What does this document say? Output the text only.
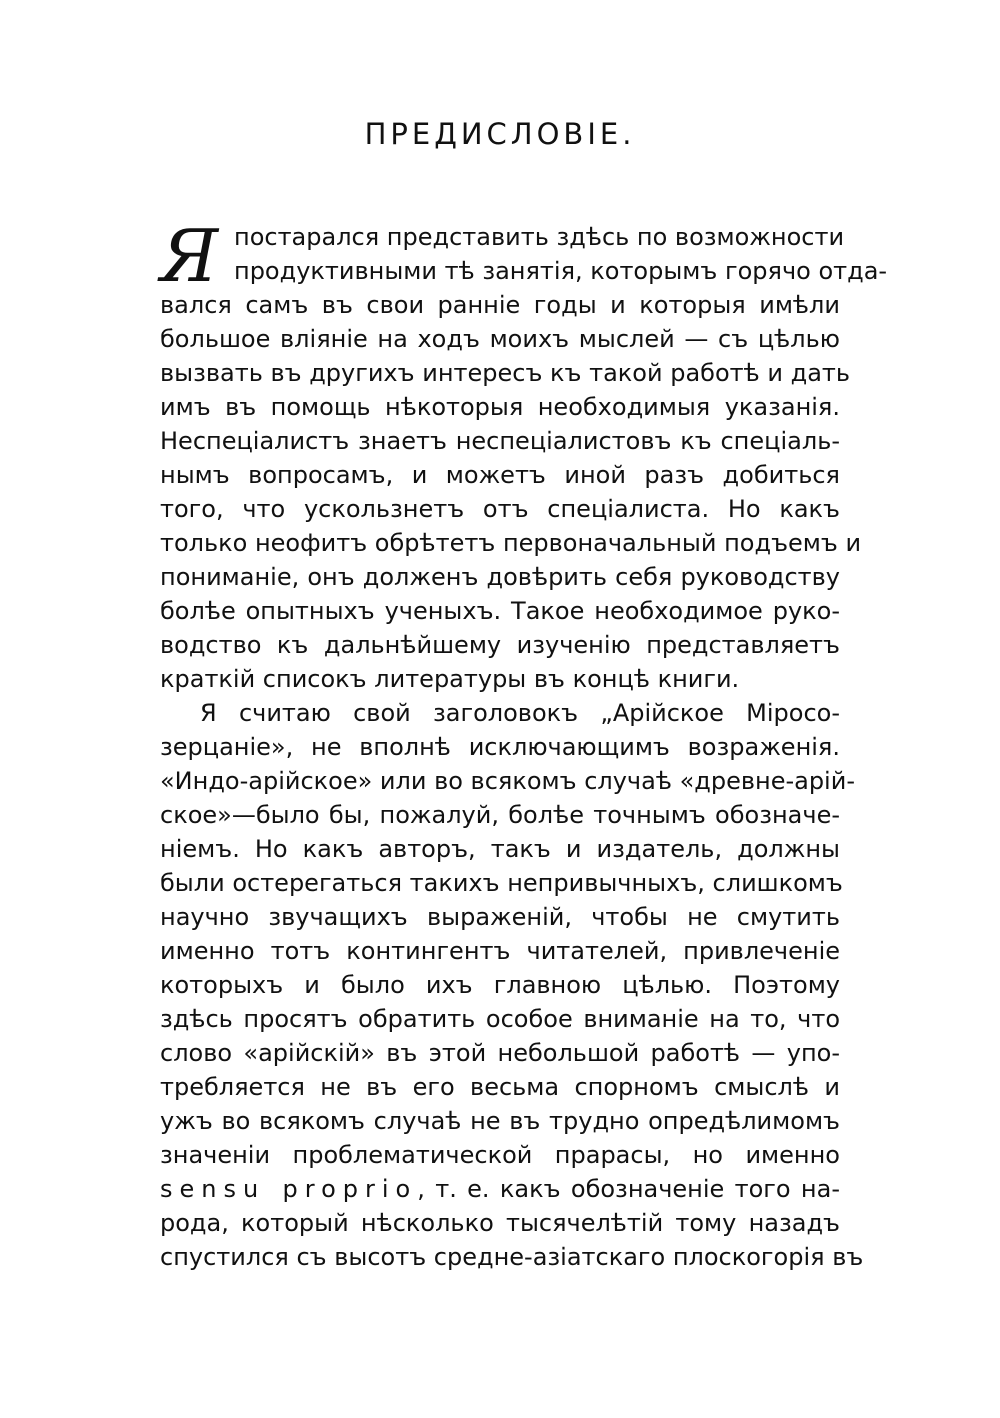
ПРЕДИСЛОВІЕ.
Я постарался представить здѣсь по возможности
продуктивными тѣ занятія, которымъ горячо отда-
вался самъ въ свои ранніе годы и которыя имѣли
большое вліяніе на ходъ моихъ мыслей — съ цѣлью
вызвать въ другихъ интересъ къ такой работѣ и дать
имъ въ помощь нѣкоторыя необходимыя указанія.
Неспеціалистъ знаетъ неспеціалистовъ къ спеціаль-
нымъ вопросамъ, и можетъ иной разъ добиться
того, что ускользнетъ отъ спеціалиста. Но какъ
только неофитъ обрѣтетъ первоначальный подъемъ и
пониманіе, онъ долженъ довѣрить себя руководству
болѣе опытныхъ ученыхъ. Такое необходимое руко-
водство къ дальнѣйшему изученію представляетъ
краткій списокъ литературы въ концѣ книги.
Я считаю свой заголовокъ „Арійское Міросо-
зерцаніе», не вполнѣ исключающимъ возраженія.
«Индо-арійское» или во всякомъ случаѣ «древне-арій-
ское»—было бы, пожалуй, болѣе точнымъ обозначе-
ніемъ. Но какъ авторъ, такъ и издатель, должны
были остерегаться такихъ непривычныхъ, слишкомъ
научно звучащихъ выраженій, чтобы не смутить
именно тотъ контингентъ читателей, привлеченіе
которыхъ и было ихъ главною цѣлью. Поэтому
здѣсь просятъ обратить особое вниманіе на то, что
слово «арійскій» въ этой небольшой работѣ — упо-
требляется не въ его весьма спорномъ смыслѣ и
ужъ во всякомъ случаѣ не въ трудно опредѣлимомъ
значеніи проблематической прарасы, но именно
sensu proprio, т. е. какъ обозначеніе того на-
рода, который нѣсколько тысячелѣтій тому назадъ
спустился съ высотъ средне-азіатскаго плоскогорія въ
